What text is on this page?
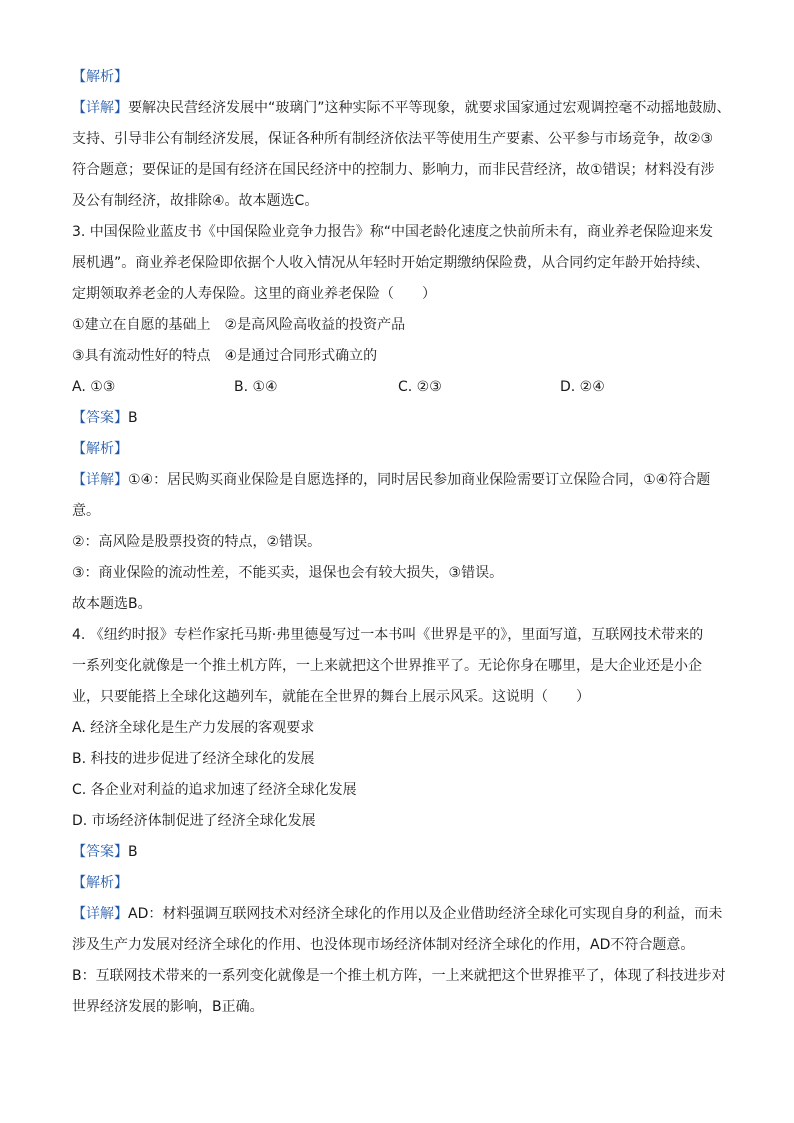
【解析】
【详解】要解决民营经济发展中“玻璃门”这种实际不平等现象，就要求国家通过宏观调控毫不动摇地鼓励、
支持、引导非公有制经济发展，保证各种所有制经济依法平等使用生产要素、公平参与市场竞争，故②③
符合题意；要保证的是国有经济在国民经济中的控制力、影响力，而非民营经济，故①错误；材料没有涉
及公有制经济，故排除④。故本题选C。
3. 中国保险业蓝皮书《中国保险业竞争力报告》称“中国老龄化速度之快前所未有，商业养老保险迎来发
展机遇”。商业养老保险即依据个人收入情况从年轻时开始定期缴纳保险费，从合同约定年龄开始持续、
定期领取养老金的人寿保险。这里的商业养老保险（　　）
①建立在自愿的基础上　②是高风险高收益的投资产品
③具有流动性好的特点　④是通过合同形式确立的
A. ①③	B. ①④	C. ②③	D. ②④
【答案】B
【解析】
【详解】①④：居民购买商业保险是自愿选择的，同时居民参加商业保险需要订立保险合同，①④符合题
意。
②：高风险是股票投资的特点，②错误。
③：商业保险的流动性差，不能买卖，退保也会有较大损失，③错误。
故本题选B。
4. 《纽约时报》专栏作家托马斯·弗里德曼写过一本书叫《世界是平的》，里面写道，互联网技术带来的
一系列变化就像是一个推土机方阵，一上来就把这个世界推平了。无论你身在哪里，是大企业还是小企
业，只要能搭上全球化这趟列车，就能在全世界的舞台上展示风采。这说明（　　）
A. 经济全球化是生产力发展的客观要求
B. 科技的进步促进了经济全球化的发展
C. 各企业对利益的追求加速了经济全球化发展
D. 市场经济体制促进了经济全球化发展
【答案】B
【解析】
【详解】AD：材料强调互联网技术对经济全球化的作用以及企业借助经济全球化可实现自身的利益，而未
涉及生产力发展对经济全球化的作用、也没体现市场经济体制对经济全球化的作用，AD不符合题意。
B：互联网技术带来的一系列变化就像是一个推土机方阵，一上来就把这个世界推平了，体现了科技进步对
世界经济发展的影响，B正确。
